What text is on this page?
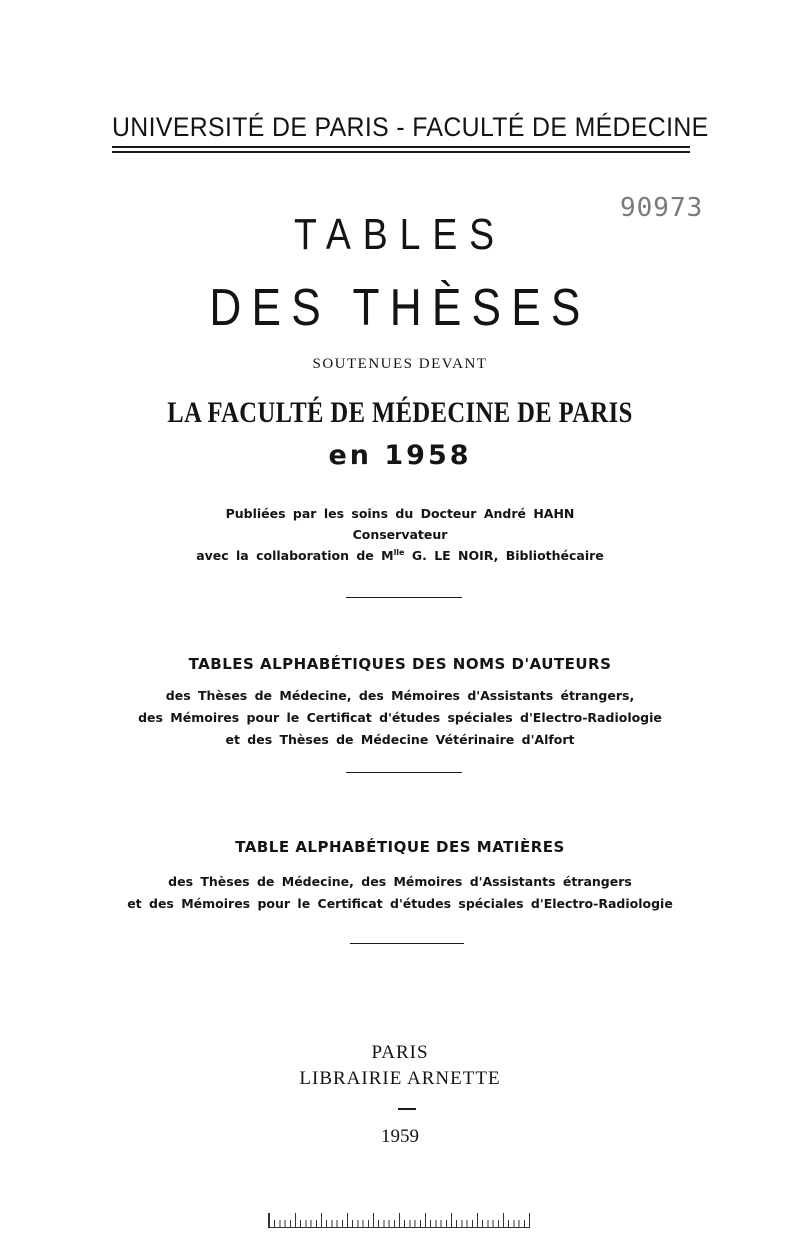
UNIVERSITÉ DE PARIS - FACULTÉ DE MÉDECINE
90973
TABLES
DES THÈSES
SOUTENUES DEVANT
LA FACULTÉ DE MÉDECINE DE PARIS
en 1958
Publiées par les soins du Docteur André HAHN
Conservateur
avec la collaboration de $M^{lle}$ G. LE NOIR, Bibliothécaire
TABLES ALPHABÉTIQUES DES NOMS D'AUTEURS
des Thèses de Médecine, des Mémoires d'Assistants étrangers,
des Mémoires pour le Certificat d'études spéciales d'Electro-Radiologie
et des Thèses de Médecine Vétérinaire d'Alfort
TABLE ALPHABÉTIQUE DES MATIÈRES
des Thèses de Médecine, des Mémoires d'Assistants étrangers
et des Mémoires pour le Certificat d'études spéciales d'Electro-Radiologie
PARIS
LIBRAIRIE ARNETTE
1959
